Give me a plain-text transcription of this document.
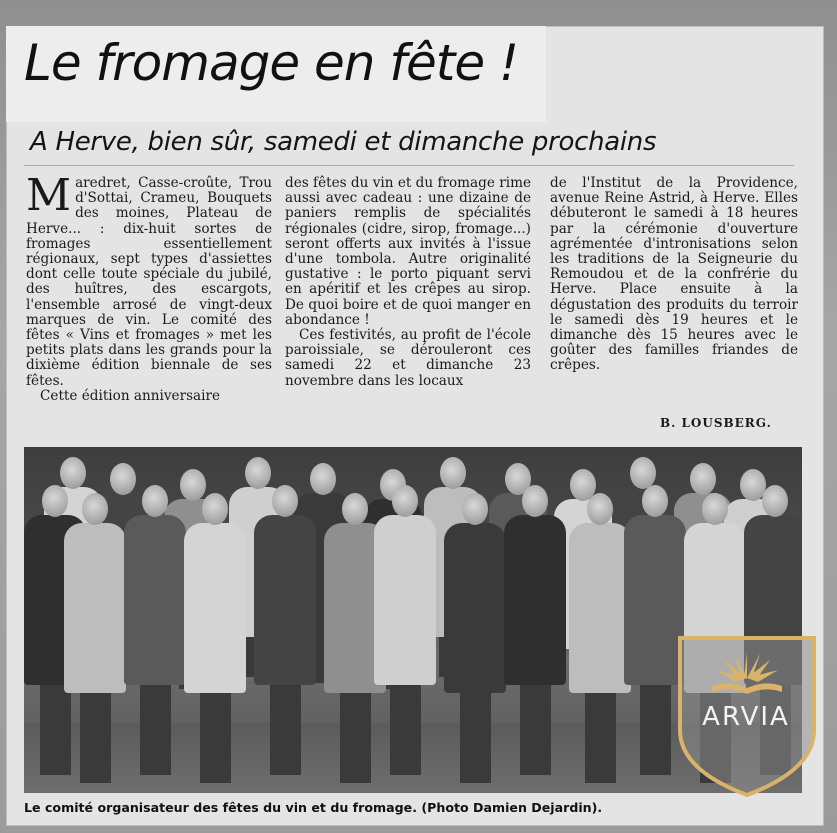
Le fromage en fête !
A Herve, bien sûr, samedi et dimanche prochains

Maredret, Casse-croûte, Trou d'Sottai, Crameu, Bouquets des moines, Plateau de Herve... : dix-huit sortes de fromages essentiellement régionaux, sept types d'assiettes dont celle toute spéciale du jubilé, des huîtres, des escargots, l'ensemble arrosé de vingt-deux marques de vin. Le comité des fêtes « Vins et fromages » met les petits plats dans les grands pour la dixième édition biennale de ses fêtes.

Cette édition anniversaire

des fêtes du vin et du fromage rime aussi avec cadeau : une dizaine de paniers remplis de spécialités régionales (cidre, sirop, fromage...) seront offerts aux invités à l'issue d'une tombola. Autre originalité gustative : le porto piquant servi en apéritif et les crêpes au sirop. De quoi boire et de quoi manger en abondance !

Ces festivités, au profit de l'école paroissiale, se dérouleront ces samedi 22 et dimanche 23 novembre dans les locaux

de l'Institut de la Providence, avenue Reine Astrid, à Herve. Elles débuteront le samedi à 18 heures par la cérémonie d'ouverture agrémentée d'intronisations selon les traditions de la Seigneurie du Remoudou et de la confrérie du Herve. Place ensuite à la dégustation des produits du terroir le samedi dès 19 heures et le dimanche dès 15 heures avec le goûter des familles friandes de crêpes.

B. LOUSBERG.
Le comité organisateur des fêtes du vin et du fromage. (Photo Damien Dejardin).
ARVIA
